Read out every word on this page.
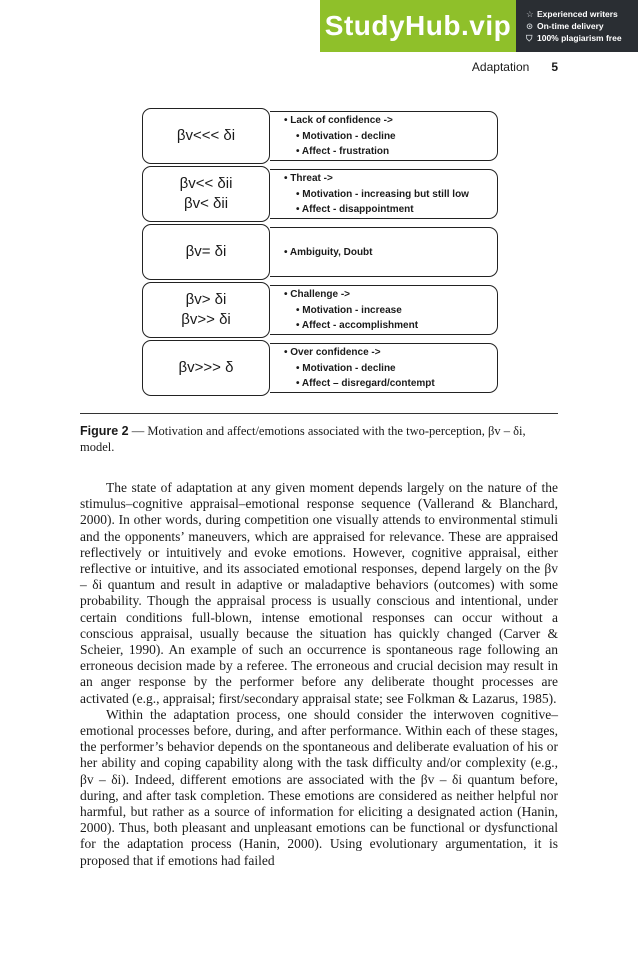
StudyHub.vip	☆ Experienced writers
⊙ On-time delivery
⛉ 100% plagiarism free
Adaptation 5
βv<<< δi
• Lack of confidence ->
• Motivation - decline
• Affect - frustration
βv<< δii
βv< δii
• Threat ->
• Motivation - increasing but still low
• Affect - disappointment
βv= δi	• Ambiguity, Doubt
βv> δi
βv>> δi
• Challenge ->
• Motivation - increase
• Affect - accomplishment
βv>>> δ
• Over confidence ->
• Motivation - decline
• Affect – disregard/contempt
Figure 2 — Motivation and affect/emotions associated with the two-perception, βv – δi, model.

The state of adaptation at any given moment depends largely on the nature of the stimulus–cognitive appraisal–emotional response sequence (Vallerand & Blanchard, 2000). In other words, during competition one visually attends to environmental stimuli and the opponents’ maneuvers, which are appraised for relevance. These are appraised reflectively or intuitively and evoke emotions. However, cognitive appraisal, either reflective or intuitive, and its associated emotional responses, depend largely on the βv – δi quantum and result in adaptive or maladaptive behaviors (outcomes) with some probability. Though the appraisal process is usually conscious and intentional, under certain conditions full-blown, intense emotional responses can occur without a conscious appraisal, usually because the situation has quickly changed (Carver & Scheier, 1990). An example of such an occurrence is spontaneous rage following an erroneous decision made by a referee. The erroneous and crucial decision may result in an anger response by the performer before any deliberate thought processes are activated (e.g., appraisal; first/secondary appraisal state; see Folkman & Lazarus, 1985).

Within the adaptation process, one should consider the interwoven cognitive–emotional processes before, during, and after performance. Within each of these stages, the performer’s behavior depends on the spontaneous and deliberate evaluation of his or her ability and coping capability along with the task difficulty and/or complexity (e.g., βv – δi). Indeed, different emotions are associated with the βv – δi quantum before, during, and after task completion. These emotions are considered as neither helpful nor harmful, but rather as a source of information for eliciting a designated action (Hanin, 2000). Thus, both pleasant and unpleasant emotions can be functional or dysfunctional for the adaptation process (Hanin, 2000). Using evolutionary argumentation, it is proposed that if emotions had failed
